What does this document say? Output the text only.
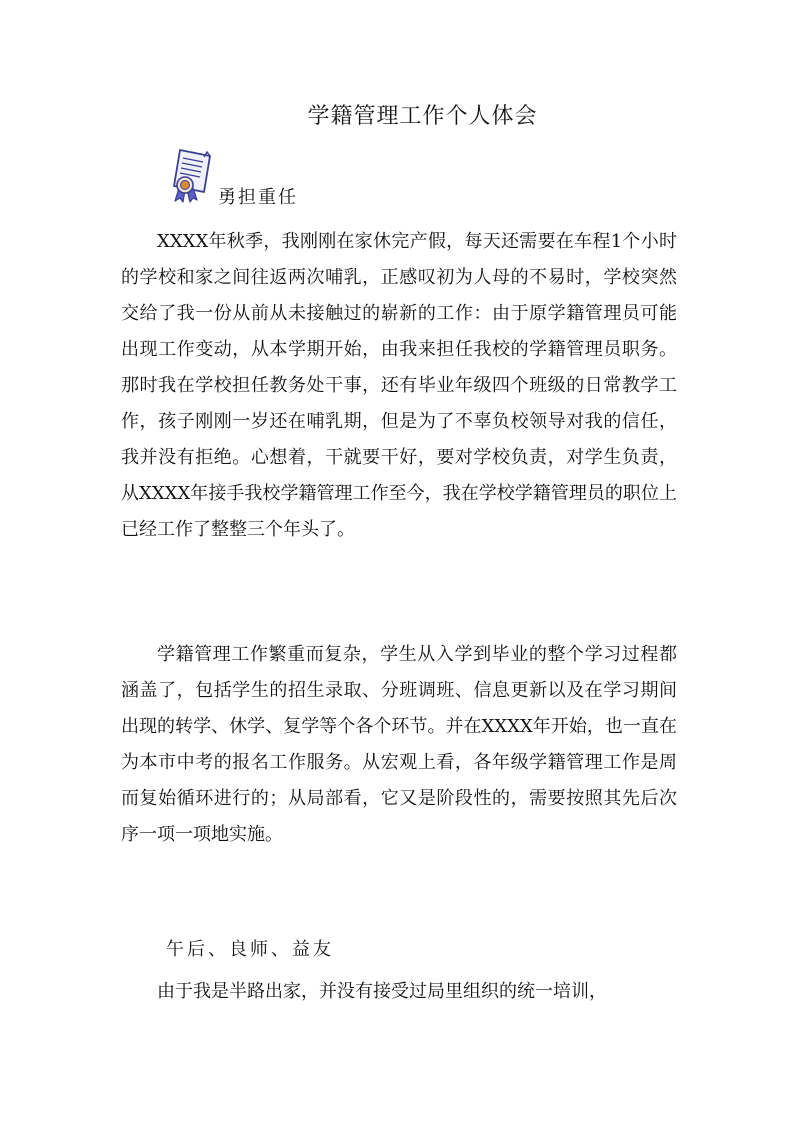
学籍管理工作个人体会
勇担重任

XXXX年秋季，我刚刚在家休完产假，每天还需要在车程1个小时的学校和家之间往返两次哺乳，正感叹初为人母的不易时，学校突然交给了我一份从前从未接触过的崭新的工作：由于原学籍管理员可能出现工作变动，从本学期开始，由我来担任我校的学籍管理员职务。那时我在学校担任教务处干事，还有毕业年级四个班级的日常教学工作，孩子刚刚一岁还在哺乳期，但是为了不辜负校领导对我的信任，我并没有拒绝。心想着，干就要干好，要对学校负责，对学生负责，从XXXX年接手我校学籍管理工作至今，我在学校学籍管理员的职位上已经工作了整整三个年头了。

学籍管理工作繁重而复杂，学生从入学到毕业的整个学习过程都涵盖了，包括学生的招生录取、分班调班、信息更新以及在学习期间出现的转学、休学、复学等个各个环节。并在XXXX年开始，也一直在为本市中考的报名工作服务。从宏观上看，各年级学籍管理工作是周而复始循环进行的；从局部看，它又是阶段性的，需要按照其先后次序一项一项地实施。

午后、良师、益友

由于我是半路出家，并没有接受过局里组织的统一培训，
